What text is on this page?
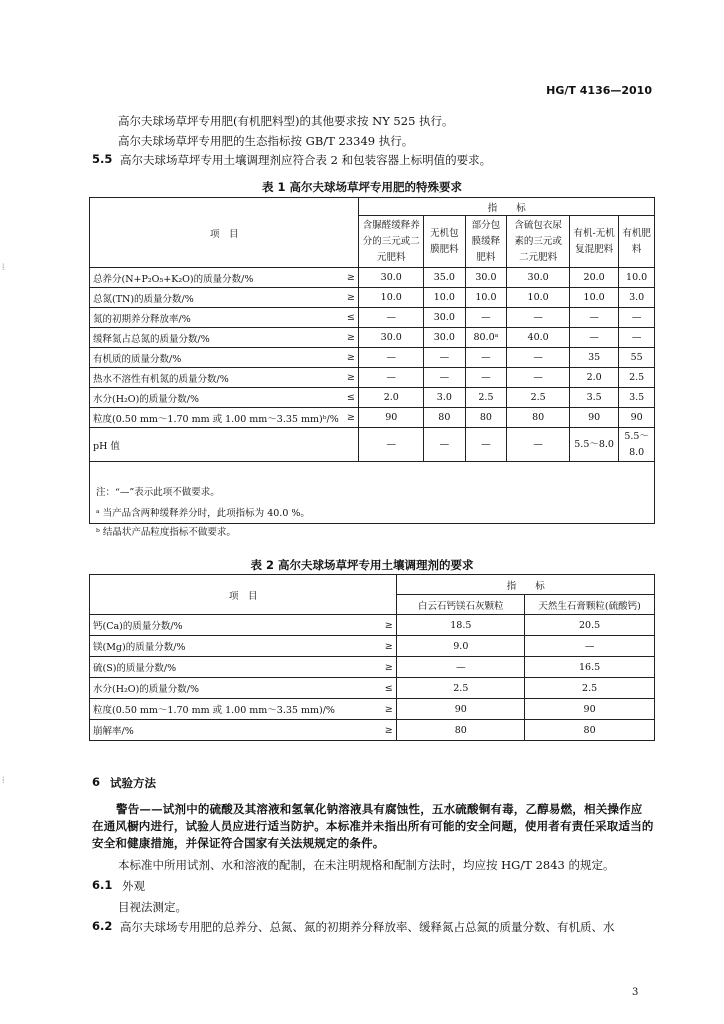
HG/T 4136—2010
高尔夫球场草坪专用肥(有机肥料型)的其他要求按 NY 525 执行。
高尔夫球场草坪专用肥的生态指标按 GB/T 23349 执行。
5.5 高尔夫球场草坪专用土壤调理剂应符合表 2 和包装容器上标明值的要求。
表 1 高尔夫球场草坪专用肥的特殊要求
项　目		指　　标					
		含脲醛缓释养分的三元或二元肥料	无机包膜肥料	部分包膜缓释肥料	含硫包衣尿素的三元或二元肥料	有机-无机复混肥料	有机肥料
总养分(N+P₂O₅+K₂O)的质量分数/%	≥	30.0	35.0	30.0	30.0	20.0	10.0
总氮(TN)的质量分数/%	≥	10.0	10.0	10.0	10.0	10.0	3.0
氮的初期养分释放率/%	≤	—	30.0	—	—	—	—
缓释氮占总氮的质量分数/%	≥	30.0	30.0	80.0ᵃ	40.0	—	—
有机质的质量分数/%	≥	—	—	—	—	35	55
热水不溶性有机氮的质量分数/%	≥	—	—	—	—	2.0	2.5
水分(H₂O)的质量分数/%	≤	2.0	3.0	2.5	2.5	3.5	3.5
粒度(0.50 mm～1.70 mm 或 1.00 mm～3.35 mm)ᵇ/%	≥	90	80	80	80	90	90
pH 值		—	—	—	—	5.5～8.0	5.5～8.0

注：“—”表示此项不做要求。
ᵃ 当产品含两种缓释养分时，此项指标为 40.0 %。
ᵇ 结晶状产品粒度指标不做要求。
表 2 高尔夫球场草坪专用土壤调理剂的要求
项　目		指　　标	
		白云石钙镁石灰颗粒	天然生石膏颗粒(硫酸钙)
钙(Ca)的质量分数/%	≥	18.5	20.5
镁(Mg)的质量分数/%	≥	9.0	—
硫(S)的质量分数/%	≥	—	16.5
水分(H₂O)的质量分数/%	≤	2.5	2.5
粒度(0.50 mm～1.70 mm 或 1.00 mm～3.35 mm)/%	≥	90	90
崩解率/%	≥	80	80
6 试验方法
警告——试剂中的硫酸及其溶液和氢氧化钠溶液具有腐蚀性，五水硫酸铜有毒，乙醇易燃，相关操作应在通风橱内进行，试验人员应进行适当防护。本标准并未指出所有可能的安全问题，使用者有责任采取适当的安全和健康措施，并保证符合国家有关法规规定的条件。
本标准中所用试剂、水和溶液的配制，在未注明规格和配制方法时，均应按 HG/T 2843 的规定。
6.1 外观
目视法测定。
6.2 高尔夫球场专用肥的总养分、总氮、氮的初期养分释放率、缓释氮占总氮的质量分数、有机质、水
3
⁞
⁞
